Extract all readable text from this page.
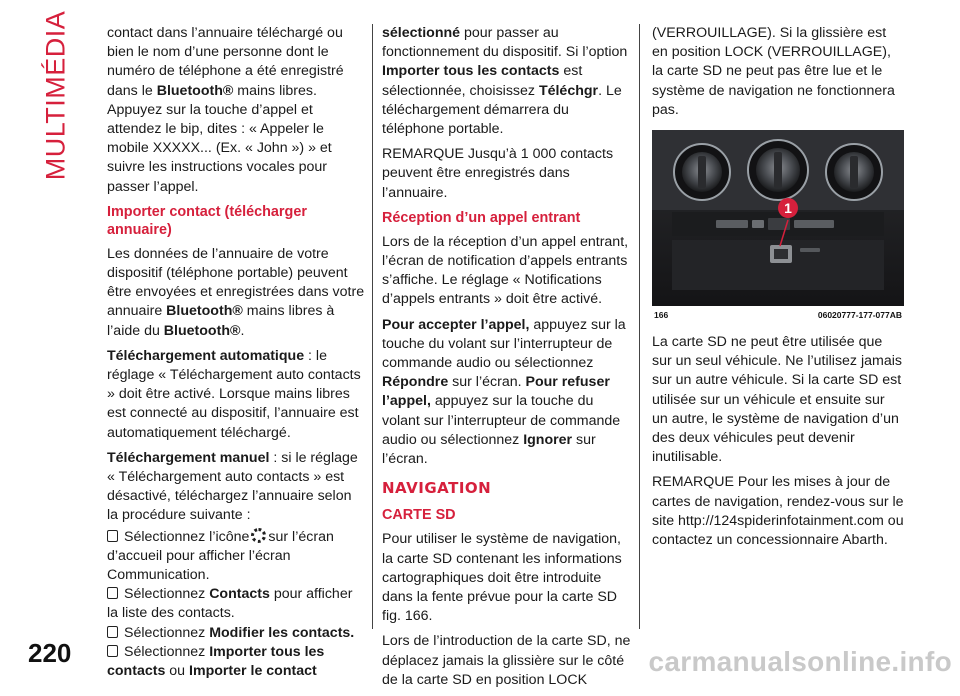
MULTIMÉDIA	contact dans l’annuaire téléchargé ou bien le nom d’une personne dont le numéro de téléphone a été enregistré dans le Bluetooth® mains libres. Appuyez sur la touche d’appel et attendez le bip, dites : « Appeler le mobile XXXXX... (Ex. « John ») » et suivre les instructions vocales pour passer l’appel.

Importer contact (télécharger annuaire)

Les données de l’annuaire de votre dispositif (téléphone portable) peuvent être envoyées et enregistrées dans votre annuaire Bluetooth® mains libres à l’aide du Bluetooth®.

Téléchargement automatique : le réglage « Téléchargement auto contacts » doit être activé. Lorsque mains libres est connecté au dispositif, l’annuaire est automatiquement téléchargé.

Téléchargement manuel : si le réglage « Téléchargement auto contacts » est désactivé, téléchargez l’annuaire selon la procédure suivante :

Sélectionnez l’icône sur l’écran d’accueil pour afficher l’écran Communication.
Sélectionnez Contacts pour afficher la liste des contacts.
Sélectionnez Modifier les contacts.
Sélectionnez Importer tous les contacts ou Importer le contact

sélectionné pour passer au fonctionnement du dispositif. Si l’option Importer tous les contacts est sélectionnée, choisissez Téléchgr. Le téléchargement démarrera du téléphone portable.

REMARQUE Jusqu’à 1 000 contacts peuvent être enregistrés dans l’annuaire.

Réception d’un appel entrant

Lors de la réception d’un appel entrant, l’écran de notification d’appels entrants s’affiche. Le réglage « Notifications d’appels entrants » doit être activé.

Pour accepter l’appel, appuyez sur la touche du volant sur l’interrupteur de commande audio ou sélectionnez Répondre sur l’écran. Pour refuser l’appel, appuyez sur la touche du volant sur l’interrupteur de commande audio ou sélectionnez Ignorer sur l’écran.

NAVIGATION
CARTE SD

Pour utiliser le système de navigation, la carte SD contenant les informations cartographiques doit être introduite dans la fente prévue pour la carte SD fig. 166.

Lors de l’introduction de la carte SD, ne déplacez jamais la glissière sur le côté de la carte SD en position LOCK

(VERROUILLAGE). Si la glissière est en position LOCK (VERROUILLAGE), la carte SD ne peut pas être lue et le système de navigation ne fonctionnera pas.

1
166	06020777-177-077AB

La carte SD ne peut être utilisée que sur un seul véhicule. Ne l’utilisez jamais sur un autre véhicule. Si la carte SD est utilisée sur un véhicule et ensuite sur un autre, le système de navigation d’un des deux véhicules peut devenir inutilisable.

REMARQUE Pour les mises à jour de cartes de navigation, rendez-vous sur le site http://124spiderinfotainment.com ou contactez un concessionnaire Abarth.

220	carmanualsonline.info
